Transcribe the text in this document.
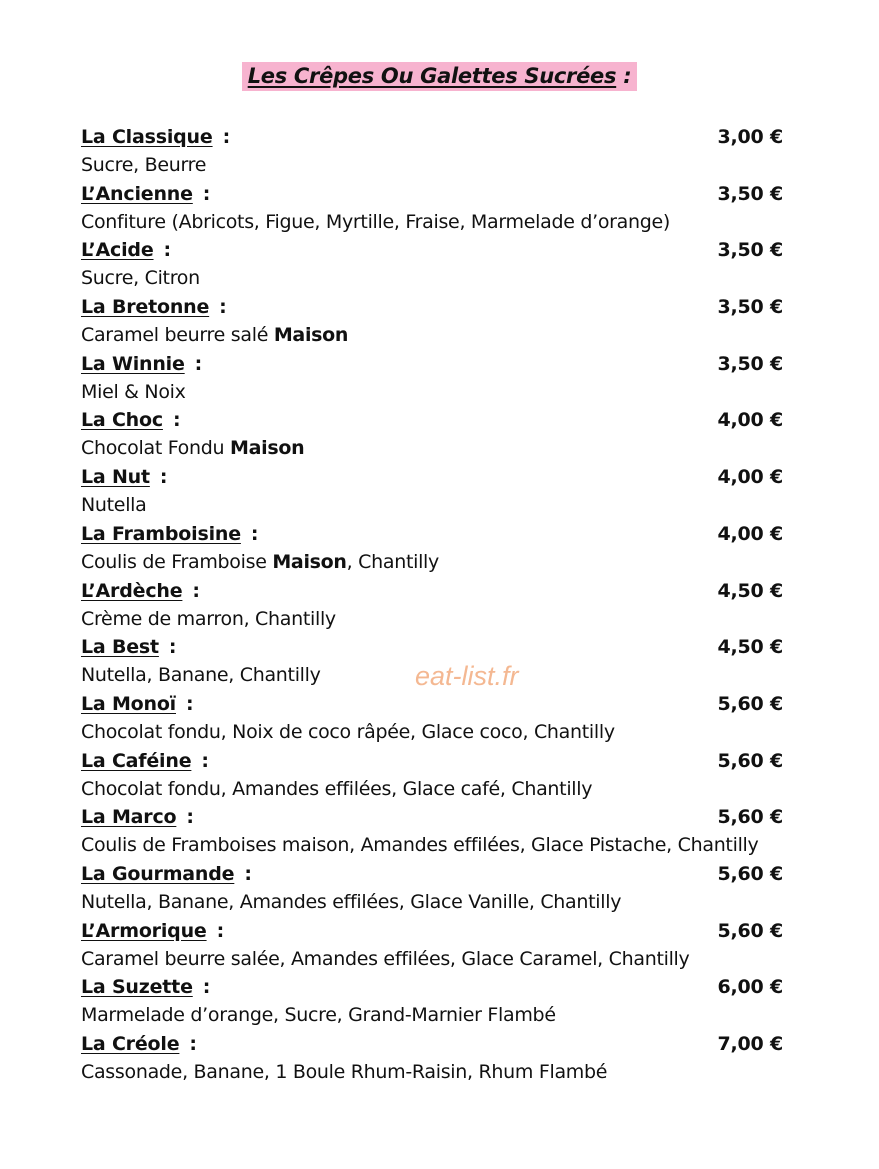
Les Crêpes Ou Galettes Sucrées :
La Classique :	3,00 €
Sucre, Beurre
L’Ancienne :	3,50 €
Confiture (Abricots, Figue, Myrtille, Fraise, Marmelade d’orange)
L’Acide :	3,50 €
Sucre, Citron
La Bretonne :	3,50 €
Caramel beurre salé Maison
La Winnie :	3,50 €
Miel & Noix
La Choc :	4,00 €
Chocolat Fondu Maison
La Nut :	4,00 €
Nutella
La Framboisine :	4,00 €
Coulis de Framboise Maison, Chantilly
L’Ardèche :	4,50 €
Crème de marron, Chantilly
La Best :	4,50 €
Nutella, Banane, Chantilly
La Monoï :	5,60 €
Chocolat fondu, Noix de coco râpée, Glace coco, Chantilly
La Caféine :	5,60 €
Chocolat fondu, Amandes effilées, Glace café, Chantilly
La Marco :	5,60 €
Coulis de Framboises maison, Amandes effilées, Glace Pistache, Chantilly
La Gourmande :	5,60 €
Nutella, Banane, Amandes effilées, Glace Vanille, Chantilly
L’Armorique :	5,60 €
Caramel beurre salée, Amandes effilées, Glace Caramel, Chantilly
La Suzette :	6,00 €
Marmelade d’orange, Sucre, Grand-Marnier Flambé
La Créole :	7,00 €
Cassonade, Banane, 1 Boule Rhum-Raisin, Rhum Flambé
eat-list.fr
